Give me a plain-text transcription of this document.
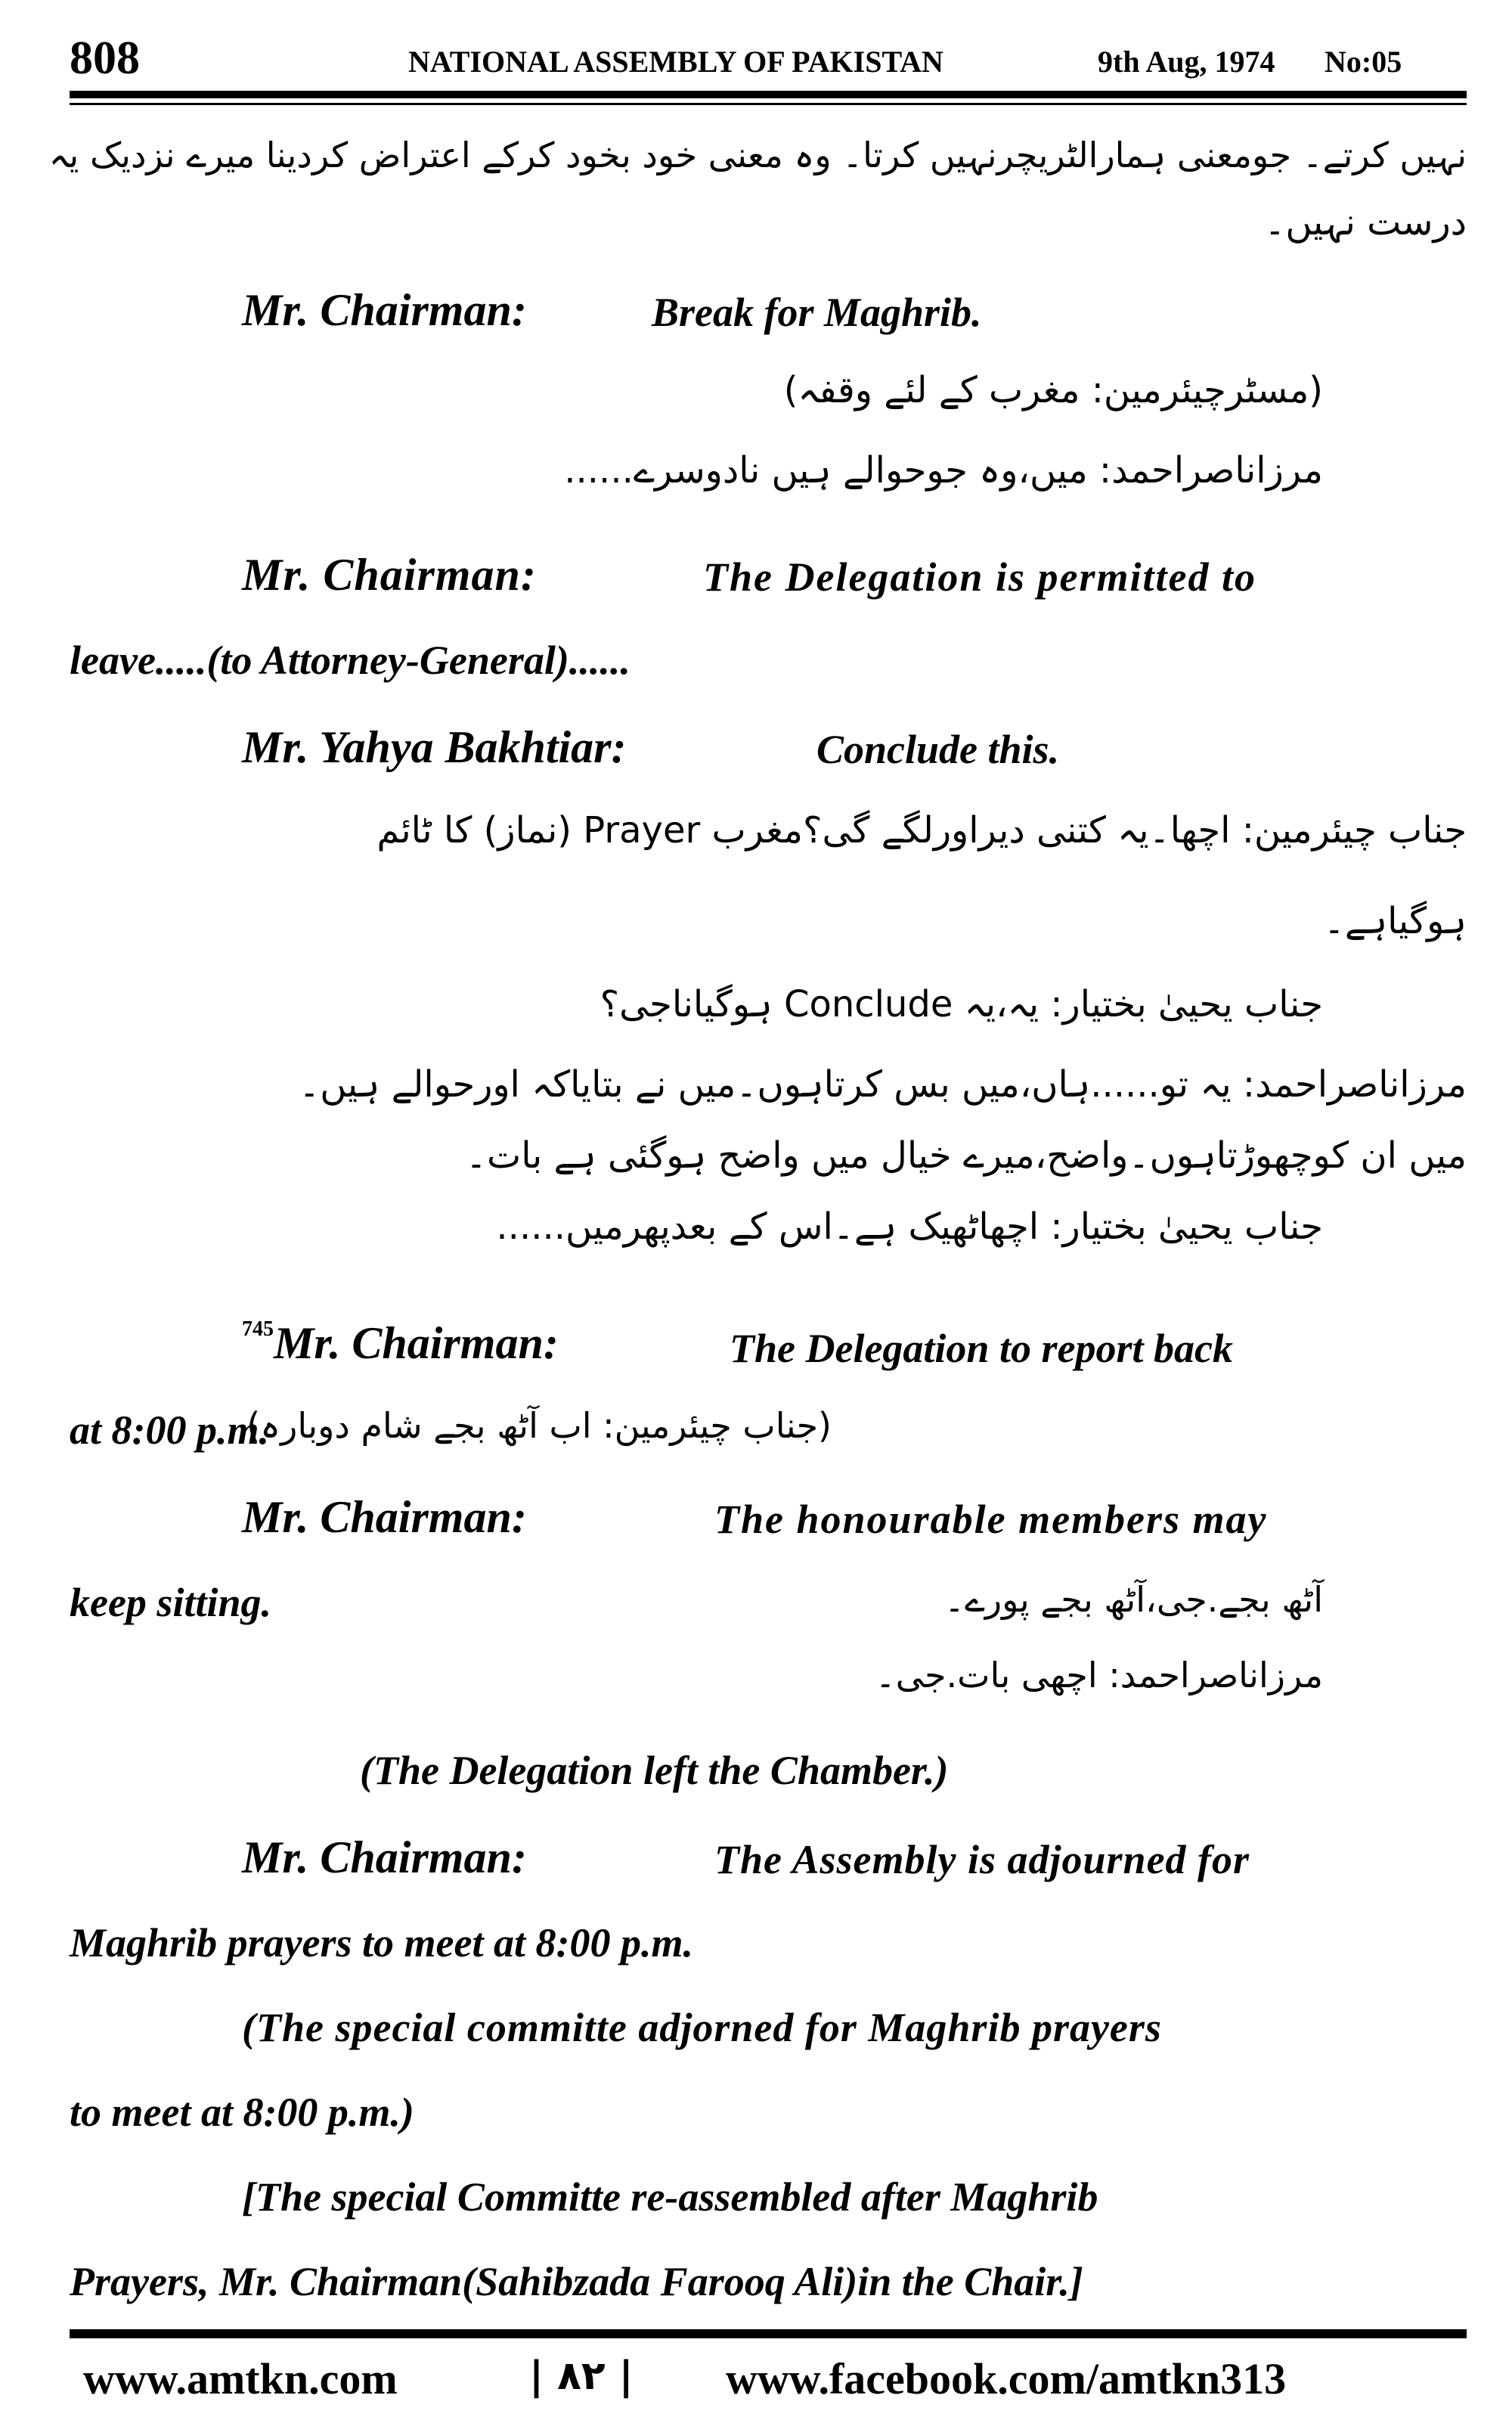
808	NATIONAL ASSEMBLY OF PAKISTAN	9th Aug, 1974 No:05
نہیں کرتے۔ جومعنی ہمارالٹریچرنہیں کرتا۔ وہ معنی خود بخود کرکے اعتراض کردینا میرے نزدیک یہ
درست نہیں۔
Mr. Chairman:	Break for Maghrib.
(مسٹرچیئرمین: مغرب کے لئے وقفہ)
مرزاناصراحمد: میں،وہ جوحوالے ہیں نادوسرے......
Mr. Chairman:	The Delegation is permitted to
leave.....(to Attorney-General)......
Mr. Yahya Bakhtiar:	Conclude this.
جناب چیئرمین: اچھا۔یہ کتنی دیراورلگے گی؟مغرب Prayer (نماز) کا ٹائم
ہوگیاہے۔
جناب یحییٰ بختیار: یہ،یہ Conclude ہوگیاناجی؟
مرزاناصراحمد: یہ تو......ہاں،میں بس کرتاہوں۔میں نے بتایاکہ اورحوالے ہیں۔
میں ان کوچھوڑتاہوں۔واضح،میرے خیال میں واضح ہوگئی ہے بات۔
جناب یحییٰ بختیار: اچھاٹھیک ہے۔اس کے بعدپھرمیں......
$^{745}$Mr. Chairman:	The Delegation to report back
at 8:00 p.m.
(جناب چیئرمین: اب آٹھ بجے شام دوبارہ)
Mr. Chairman:	The honourable members may
keep sitting.	آٹھ بجے.جی،آٹھ بجے پورے۔
مرزاناصراحمد: اچھی بات.جی۔
(The Delegation left the Chamber.)
Mr. Chairman:	The Assembly is adjourned for
Maghrib prayers to meet at 8:00 p.m.
(The special committe adjorned for Maghrib prayers
to meet at 8:00 p.m.)
[The special Committe re-assembled after Maghrib
Prayers, Mr. Chairman(Sahibzada Farooq Ali)in the Chair.]
www.amtkn.com	| ۸۲ | www.facebook.com/amtkn313
